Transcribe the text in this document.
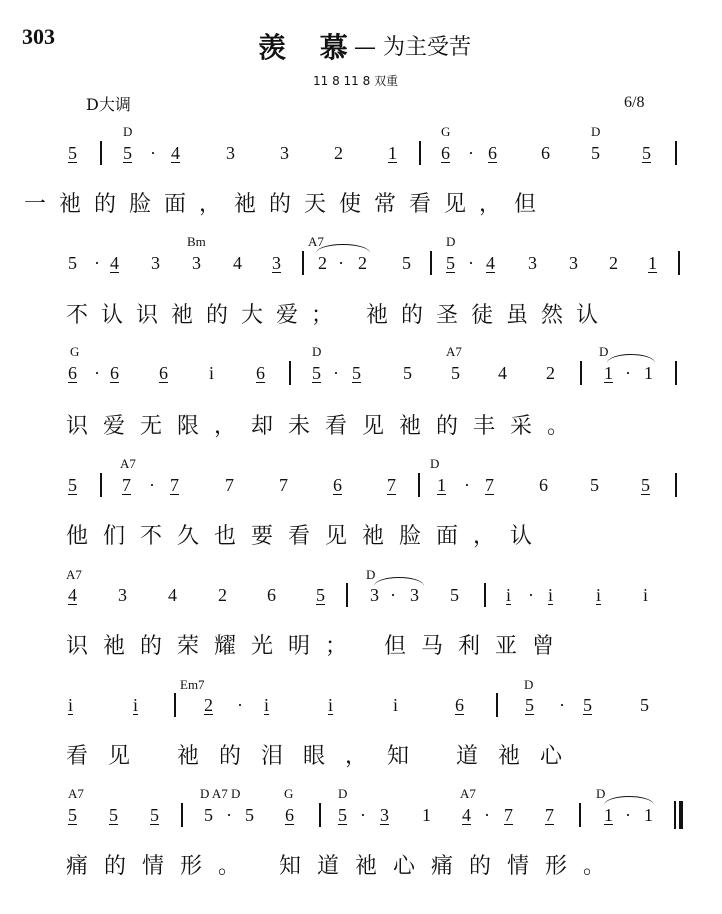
303	羡 慕
— 为主受苦
11 8 11 8 双重
D大调	6/8
D	G	D
5	5 · 4	3	3	2	1 6 · 6 6 5 5
一祂的脸面，祂的天使常看见，但
Bm	A7	D
5 · 4 3 3 4 3 2 · 2 5 5 · 4 3 3 2 1
不认识祂的大爱； 祂的圣徒虽然认
G	D	A7	D
6 · 6 6 i 6	5 · 5 5 5 4 2	1 · 1
识爱无限，却未看见祂的丰采。
A7	D
5	7 · 7	7	7	6	7 1 · 7	6 5 5
他们不久也要看见祂脸面，认
A7	D
4 3 4 2 6 5	3 · 3 5	i · i i i
识祂的荣耀光明； 但马利亚曾
Em7	D
i	i	2 · i	i	i	6	5 · 5	5
看见 祂的泪眼，知 道祂心
A7	D A7 D	G	D	A7	D
5 5 5	5 · 5 6 5 · 3 1 4 · 7 7	1 · 1
痛的情形。 知道祂心痛的情形。
